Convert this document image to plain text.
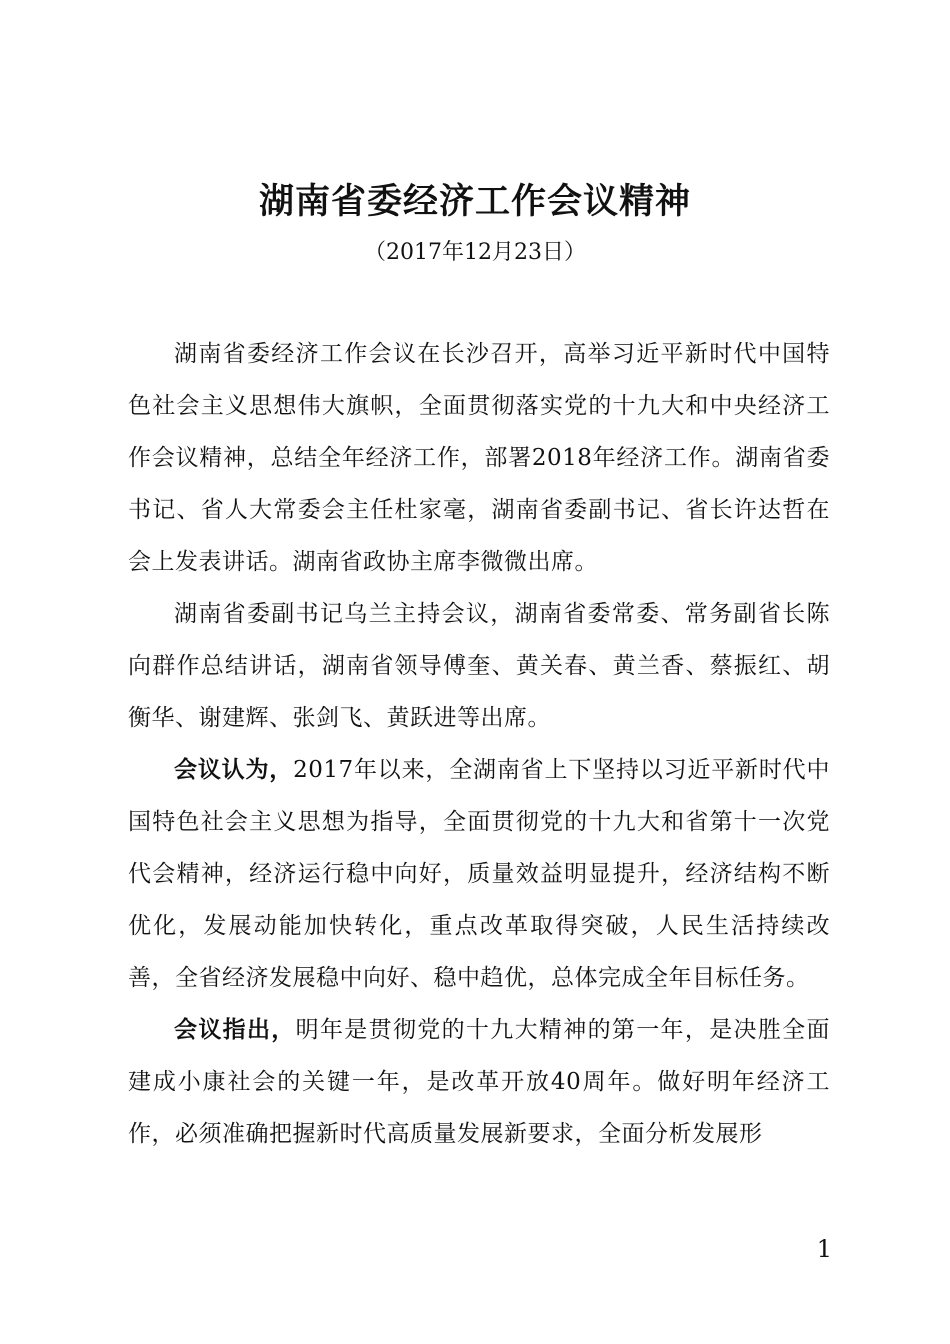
湖南省委经济工作会议精神
（2017年12月23日）

湖南省委经济工作会议在长沙召开，高举习近平新时代中国特色社会主义思想伟大旗帜，全面贯彻落实党的十九大和中央经济工作会议精神，总结全年经济工作，部署2018年经济工作。湖南省委书记、省人大常委会主任杜家毫，湖南省委副书记、省长许达哲在会上发表讲话。湖南省政协主席李微微出席。

湖南省委副书记乌兰主持会议，湖南省委常委、常务副省长陈向群作总结讲话，湖南省领导傅奎、黄关春、黄兰香、蔡振红、胡衡华、谢建辉、张剑飞、黄跃进等出席。

会议认为，2017年以来，全湖南省上下坚持以习近平新时代中国特色社会主义思想为指导，全面贯彻党的十九大和省第十一次党代会精神，经济运行稳中向好，质量效益明显提升，经济结构不断优化，发展动能加快转化，重点改革取得突破，人民生活持续改善，全省经济发展稳中向好、稳中趋优，总体完成全年目标任务。

会议指出，明年是贯彻党的十九大精神的第一年，是决胜全面建成小康社会的关键一年，是改革开放40周年。做好明年经济工作，必须准确把握新时代高质量发展新要求，全面分析发展形

1
